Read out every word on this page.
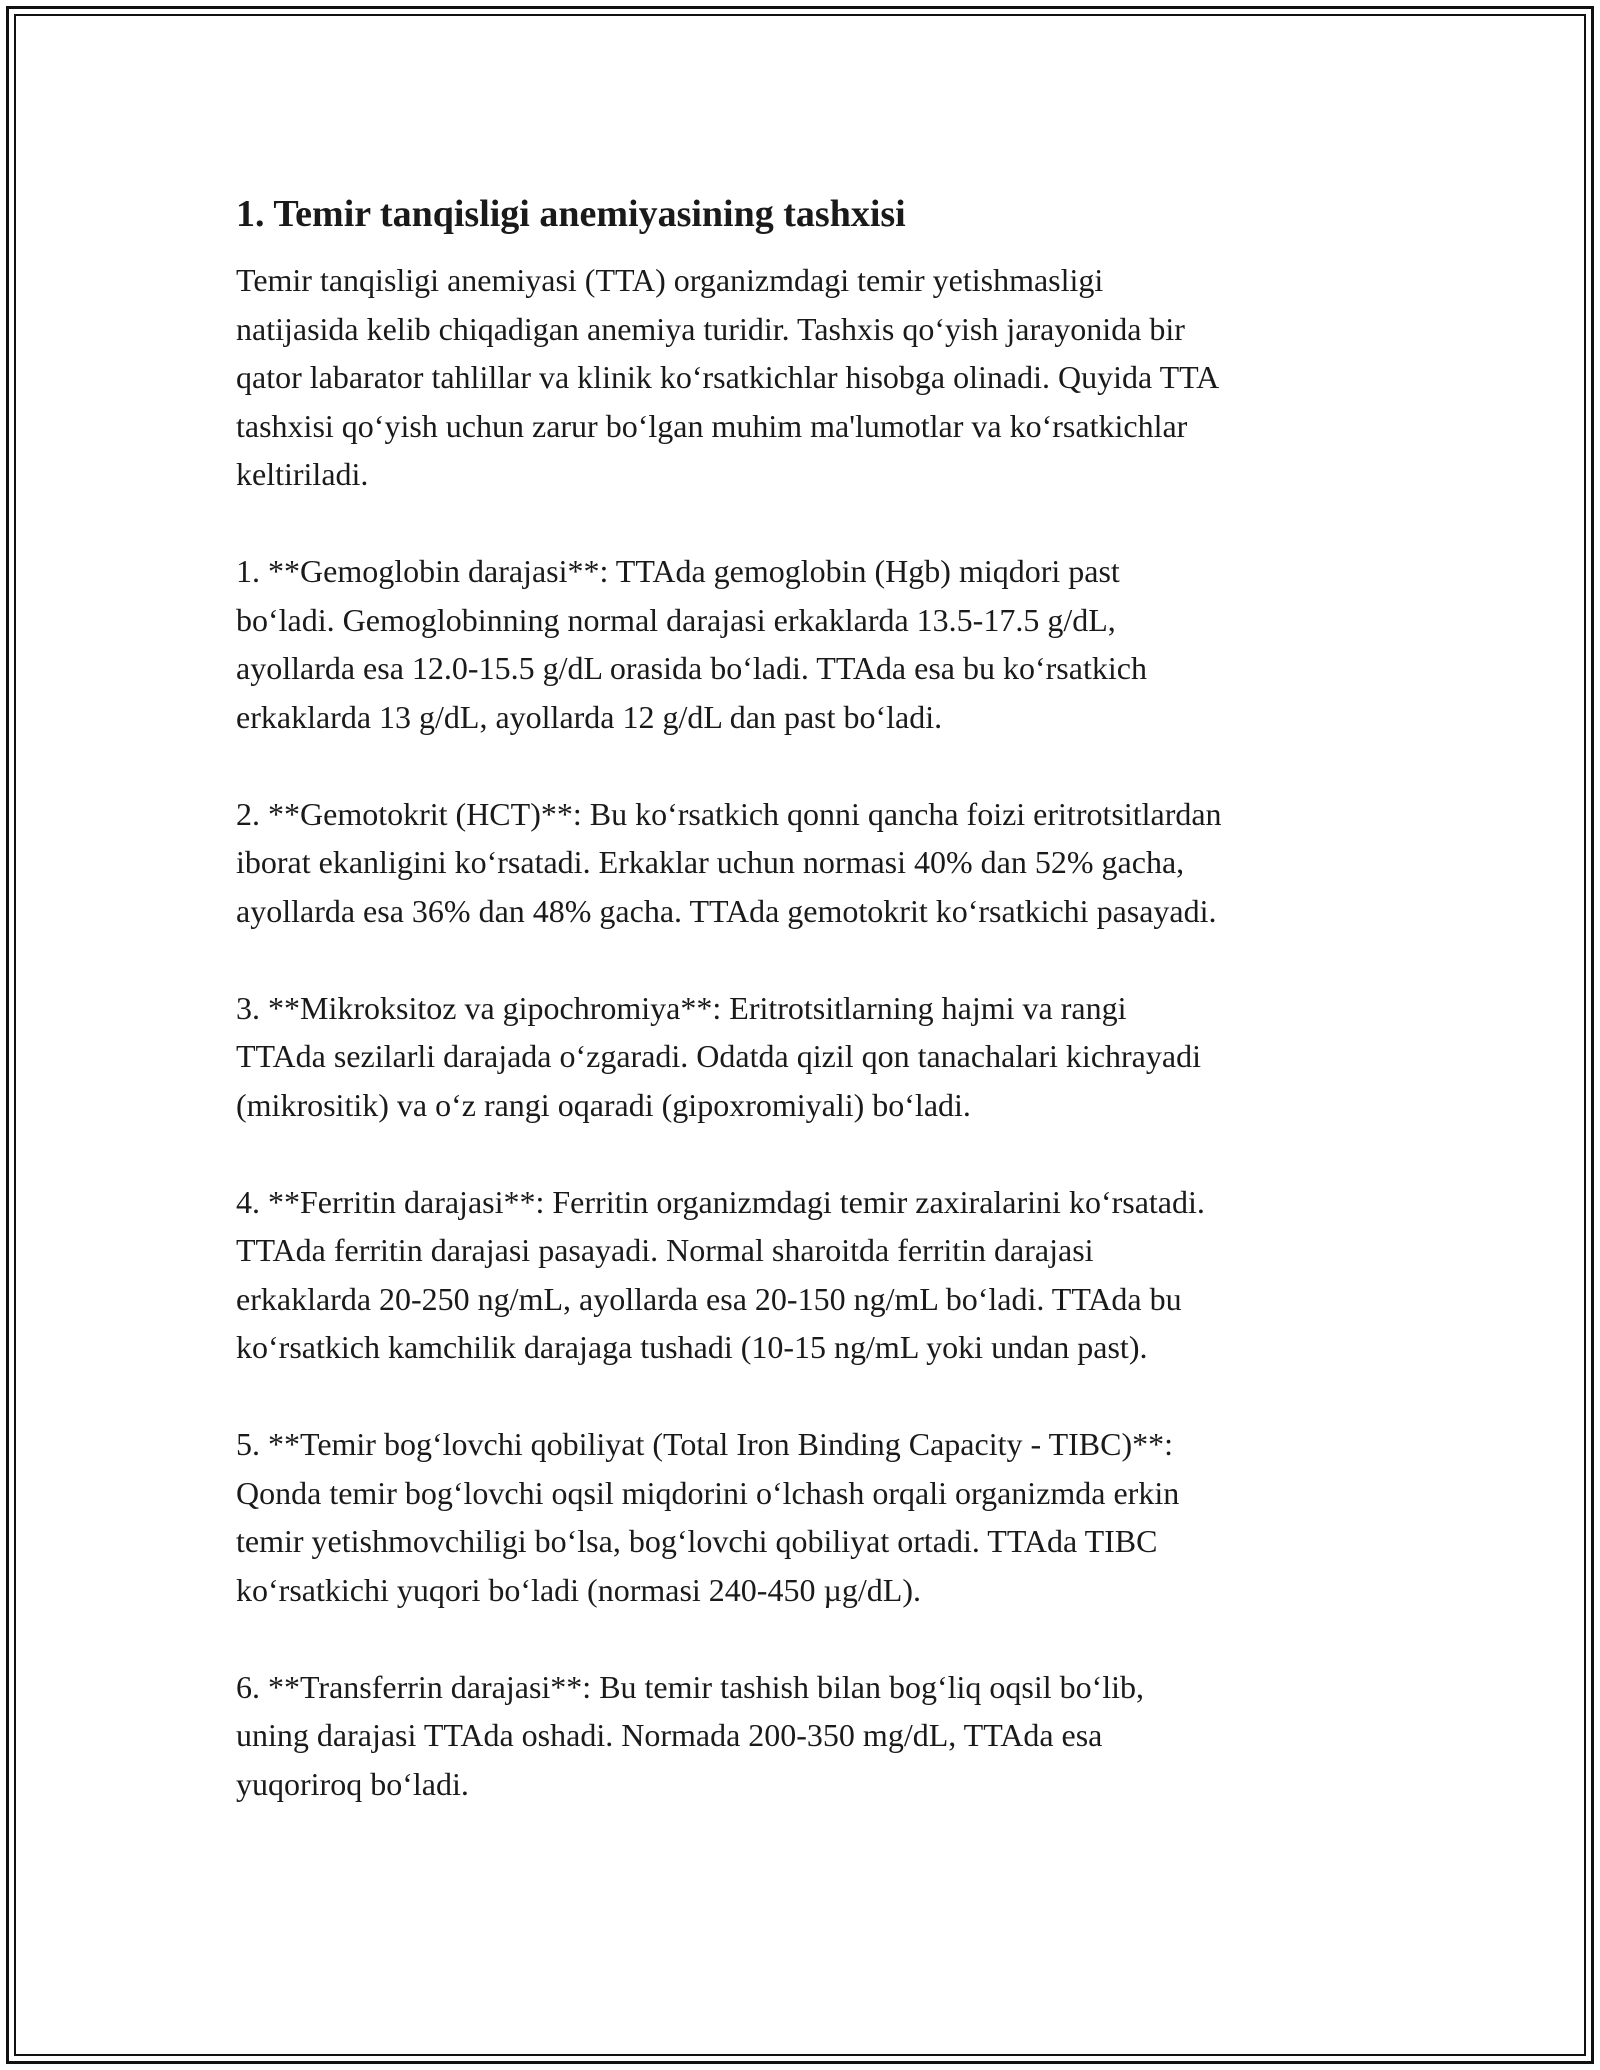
1. Temir tanqisligi anemiyasining tashxisi

Temir tanqisligi anemiyasi (TTA) organizmdagi temir yetishmasligi
natijasida kelib chiqadigan anemiya turidir. Tashxis qo‘yish jarayonida bir
qator labarator tahlillar va klinik ko‘rsatkichlar hisobga olinadi. Quyida TTA
tashxisi qo‘yish uchun zarur bo‘lgan muhim ma'lumotlar va ko‘rsatkichlar
keltiriladi.

1. **Gemoglobin darajasi**: TTAda gemoglobin (Hgb) miqdori past
bo‘ladi. Gemoglobinning normal darajasi erkaklarda 13.5-17.5 g/dL,
ayollarda esa 12.0-15.5 g/dL orasida bo‘ladi. TTAda esa bu ko‘rsatkich
erkaklarda 13 g/dL, ayollarda 12 g/dL dan past bo‘ladi.

2. **Gemotokrit (HCT)**: Bu ko‘rsatkich qonni qancha foizi eritrotsitlardan
iborat ekanligini ko‘rsatadi. Erkaklar uchun normasi 40% dan 52% gacha,
ayollarda esa 36% dan 48% gacha. TTAda gemotokrit ko‘rsatkichi pasayadi.

3. **Mikroksitoz va gipochromiya**: Eritrotsitlarning hajmi va rangi
TTAda sezilarli darajada o‘zgaradi. Odatda qizil qon tanachalari kichrayadi
(mikrositik) va o‘z rangi oqaradi (gipoxromiyali) bo‘ladi.

4. **Ferritin darajasi**: Ferritin organizmdagi temir zaxiralarini ko‘rsatadi.
TTAda ferritin darajasi pasayadi. Normal sharoitda ferritin darajasi
erkaklarda 20-250 ng/mL, ayollarda esa 20-150 ng/mL bo‘ladi. TTAda bu
ko‘rsatkich kamchilik darajaga tushadi (10-15 ng/mL yoki undan past).

5. **Temir bog‘lovchi qobiliyat (Total Iron Binding Capacity - TIBC)**:
Qonda temir bog‘lovchi oqsil miqdorini o‘lchash orqali organizmda erkin
temir yetishmovchiligi bo‘lsa, bog‘lovchi qobiliyat ortadi. TTAda TIBC
ko‘rsatkichi yuqori bo‘ladi (normasi 240-450 µg/dL).

6. **Transferrin darajasi**: Bu temir tashish bilan bog‘liq oqsil bo‘lib,
uning darajasi TTAda oshadi. Normada 200-350 mg/dL, TTAda esa
yuqoriroq bo‘ladi.
